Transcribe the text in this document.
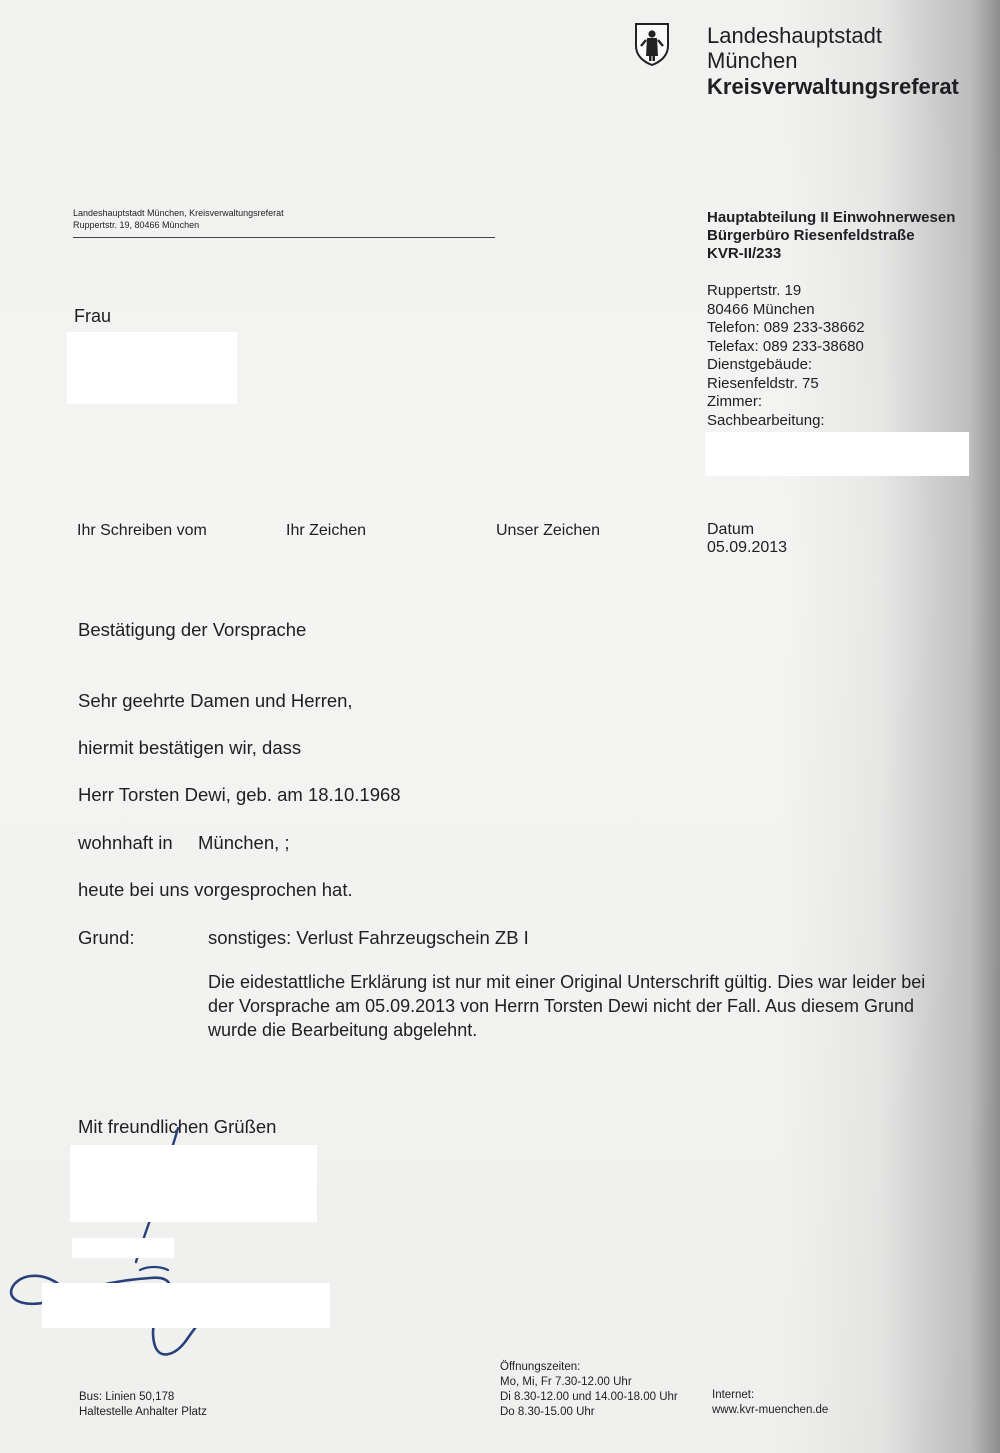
Landeshauptstadt
München
Kreisverwaltungsreferat
Landeshauptstadt München, Kreisverwaltungsreferat
Ruppertstr. 19, 80466 München	Hauptabteilung II Einwohnerwesen
Bürgerbüro Riesenfeldstraße
KVR-II/233
Ruppertstr. 19
80466 München
Telefon: 089 233-38662
Telefax: 089 233-38680
Dienstgebäude:
Riesenfeldstr. 75
Zimmer:
Sachbearbeitung:
Frau
Ihr Schreiben vom	Ihr Zeichen	Unser Zeichen	Datum
05.09.2013
Bestätigung der Vorsprache
Sehr geehrte Damen und Herren,
hiermit bestätigen wir, dass
Herr Torsten Dewi, geb. am 18.10.1968
wohnhaft in München, ;
heute bei uns vorgesprochen hat.
Grund:	sonstiges: Verlust Fahrzeugschein ZB I
Die eidestattliche Erklärung ist nur mit einer Original Unterschrift gültig. Dies war leider bei der Vorsprache am 05.09.2013 von Herrn Torsten Dewi nicht der Fall. Aus diesem Grund wurde die Bearbeitung abgelehnt.
Mit freundlichen Grüßen
Bus: Linien 50,178
Haltestelle Anhalter Platz
Öffnungszeiten:
Mo, Mi, Fr 7.30-12.00 Uhr
Di 8.30-12.00 und 14.00-18.00 Uhr
Do 8.30-15.00 Uhr
Internet:
www.kvr-muenchen.de
